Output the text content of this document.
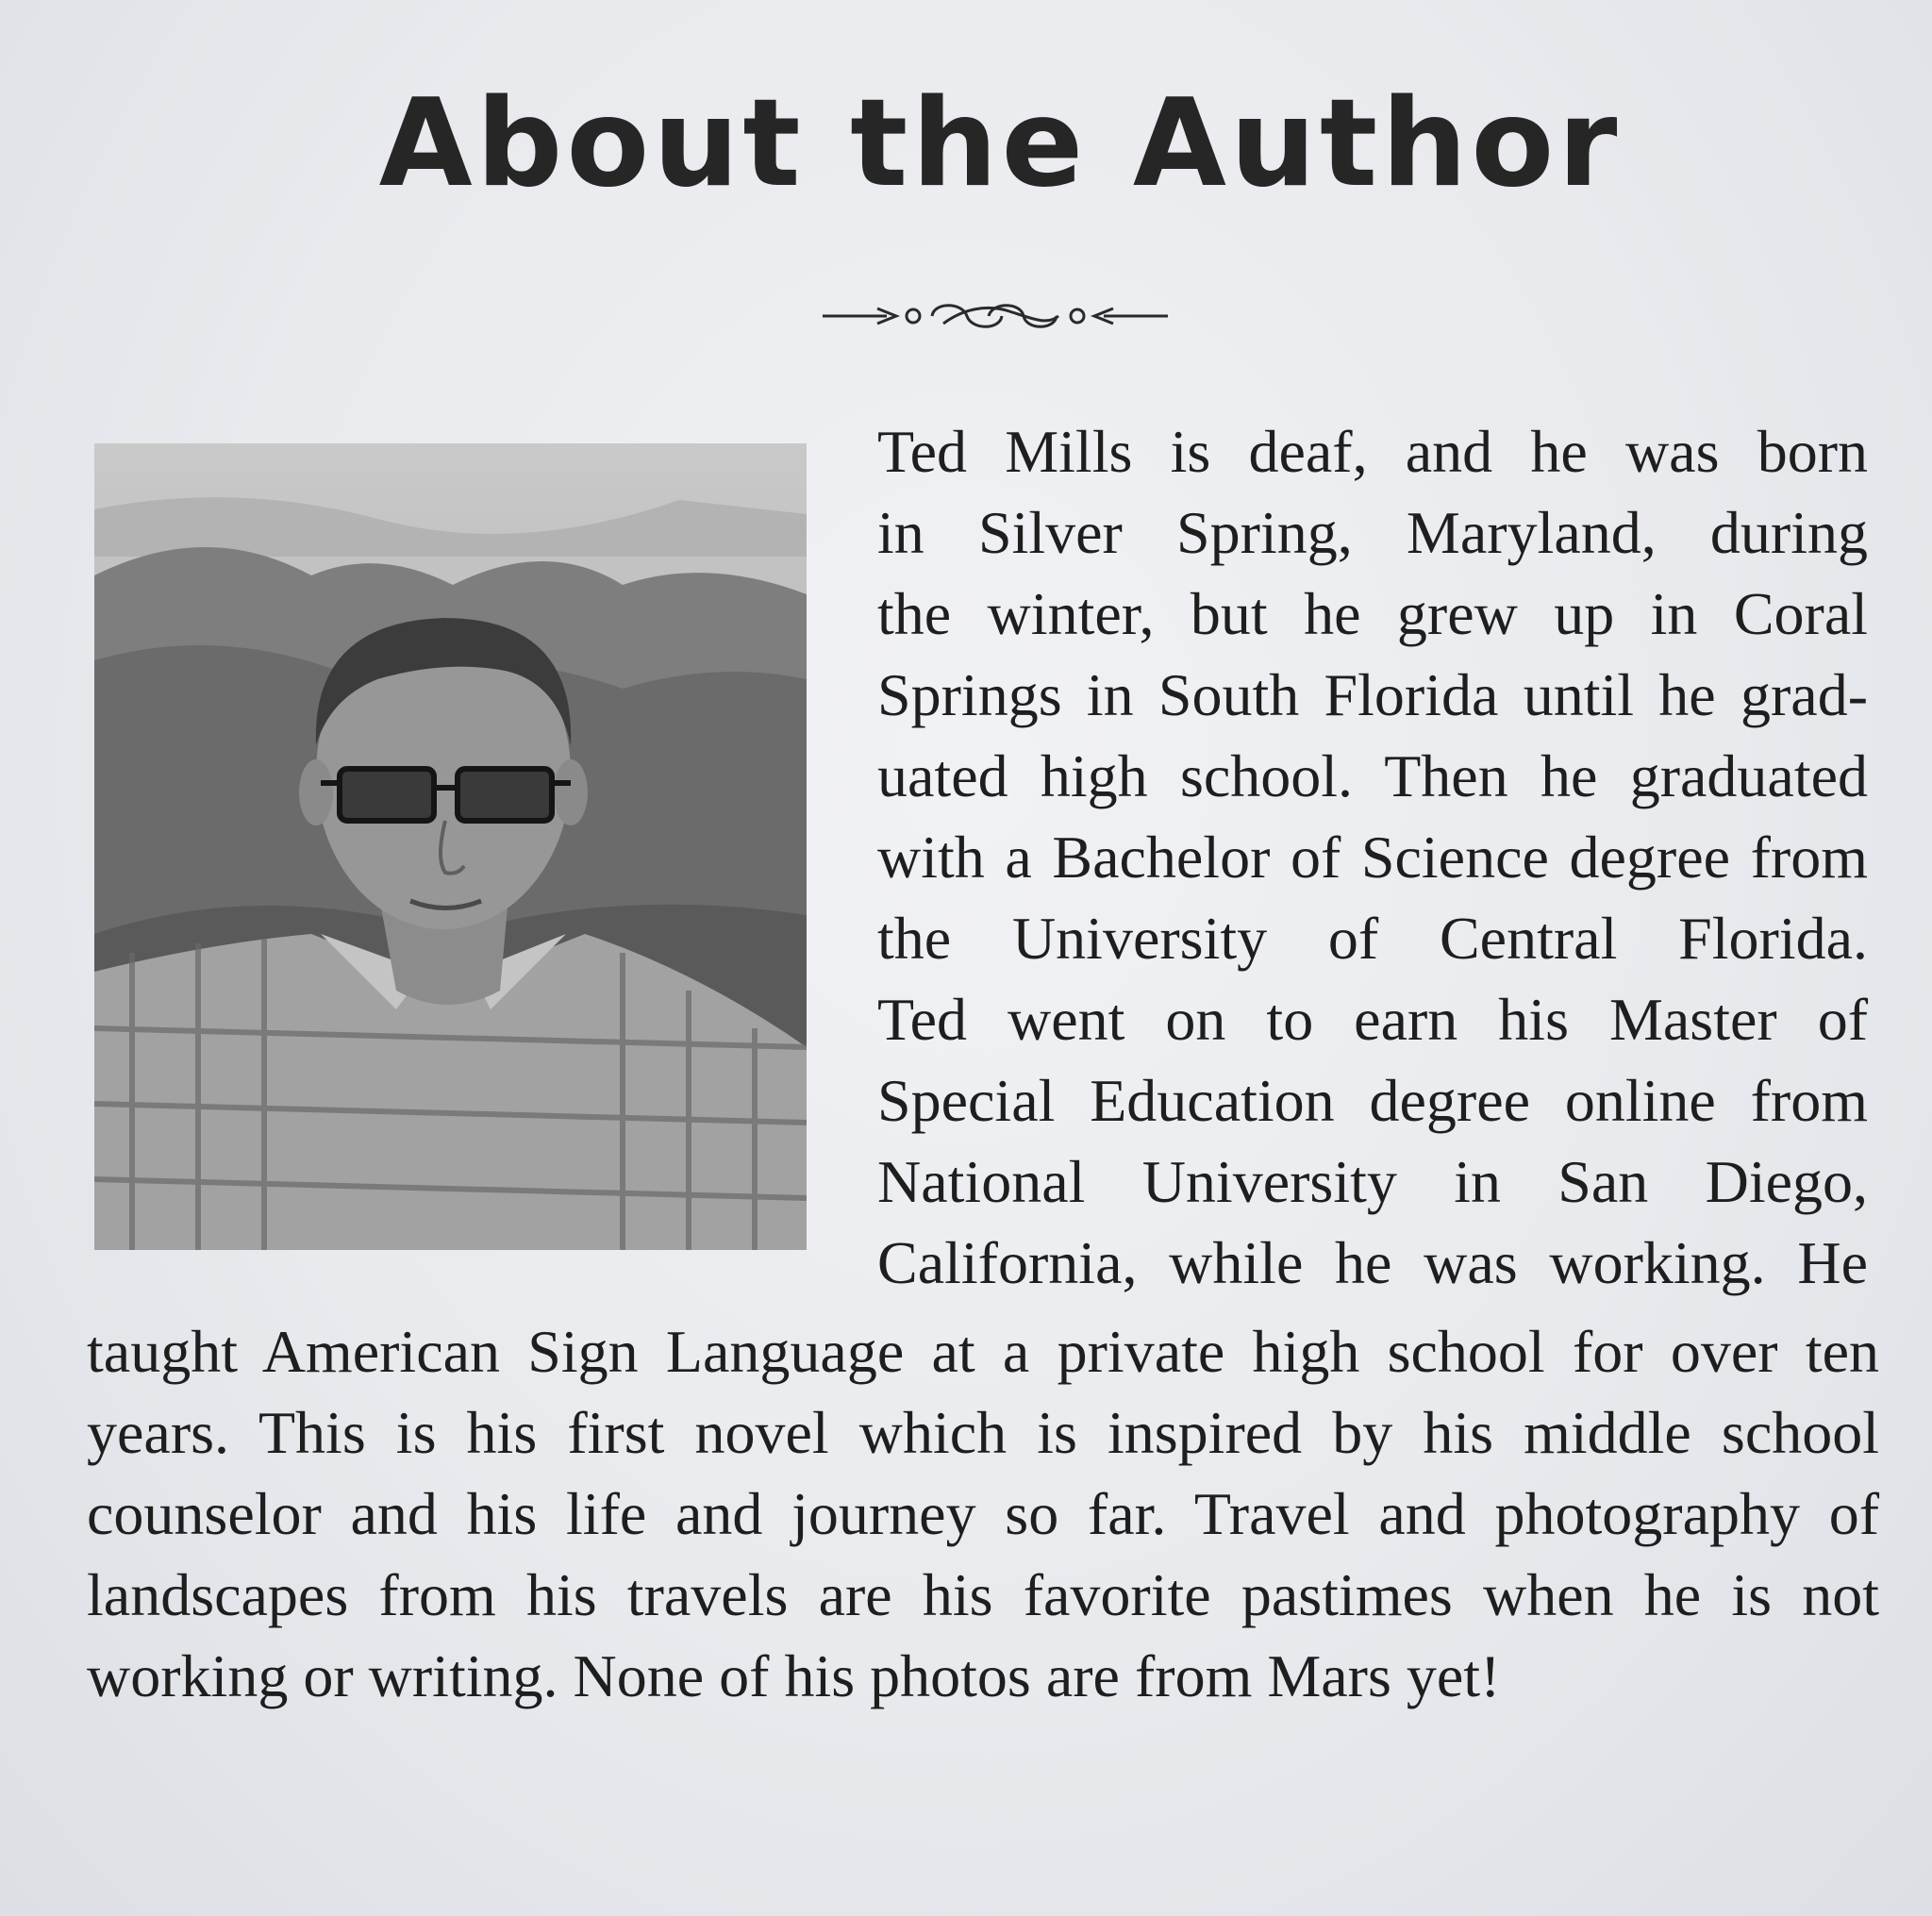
About the Author
Ted Mills is deaf, and he was born
in Silver Spring, Maryland, during
the winter, but he grew up in Coral
Springs in South Florida until he grad-
uated high school. Then he graduated
with a Bachelor of Science degree from
the University of Central Florida.
Ted went on to earn his Master of
Special Education degree online from
National University in San Diego,
California, while he was working. He
taught American Sign Language at a private high school for over ten
years. This is his first novel which is inspired by his middle school
counselor and his life and journey so far. Travel and photography of
landscapes from his travels are his favorite pastimes when he is not
working or writing. None of his photos are from Mars yet!
